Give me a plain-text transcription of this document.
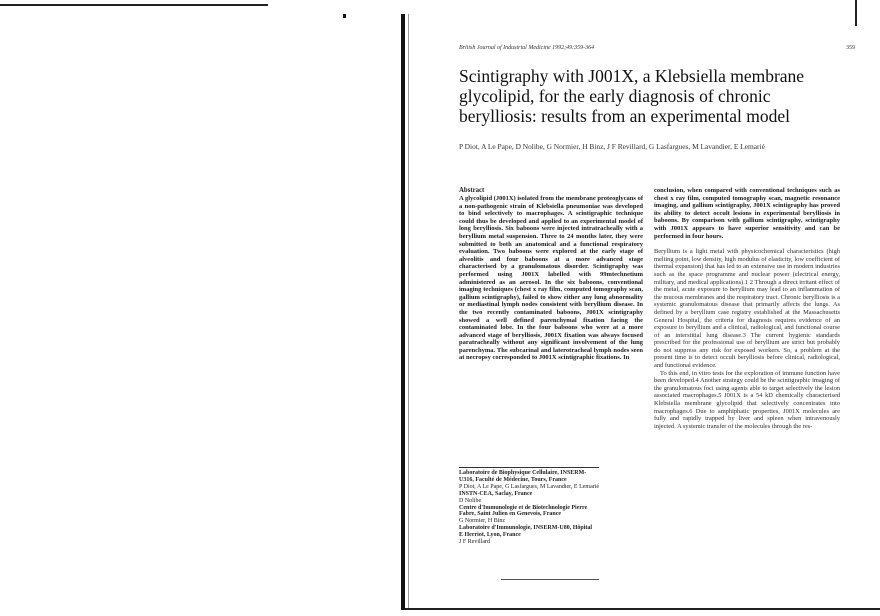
British Journal of Industrial Medicine 1992;49:359-364	359
Scintigraphy with J001X, a Klebsiella membrane glycolipid, for the early diagnosis of chronic berylliosis: results from an experimental model
P Diot, A Le Pape, D Nolibe, G Normier, H Binz, J F Revillard, G Lasfargues, M Lavandier, E Lemarié

Abstract

A glycolipid (J001X) isolated from the membrane proteoglycans of a non-pathogenic strain of Klebsiella pneumoniae was developed to bind selectively to macrophages. A scintigraphic technique could thus be developed and applied to an experimental model of long berylliosis. Six baboons were injected intratracheally with a beryllium metal suspension. Three to 24 months later, they were submitted to both an anatomical and a functional respiratory evaluation. Two baboons were explored at the early stage of alveolitis and four baboons at a more advanced stage characterised by a granulomatous disorder. Scintigraphy was performed using J001X labelled with 99mtechnetium administered as an aerosol. In the six baboons, conventional imaging techniques (chest x ray film, computed tomography scan, gallium scintigraphy), failed to show either any lung abnormality or mediastinal lymph nodes consistent with beryllium disease. In the two recently contaminated baboons, J001X scintigraphy showed a well defined parenchymal fixation facing the contaminated lobe. In the four baboons who were at a more advanced stage of berylliosis, J001X fixation was always focused paratracheally without any significant involvement of the lung parenchyma. The subcarinal and laterotracheal lymph nodes seen at necropsy corresponded to J001X scintigraphic fixations. In

Laboratoire de Biophysique Cellulaire, INSERM-
U316, Faculté de Médecine, Tours, France
P Diot, A Le Pape, G Lasfargues, M Lavandier, E Lemarié
INSTN-CEA, Saclay, France
D Nolibe
Centre d'Immunologie et de Biotechnologie Pierre
Fabre, Saint Julien en Genevois, France
G Normier, H Binz
Laboratoire d'Immunologie, INSERM-U80, Hôpital
E Herriot, Lyon, France
J F Revillard

conclusion, when compared with conventional techniques such as chest x ray film, computed tomography scan, magnetic resonance imaging, and gallium scintigraphy, J001X scintigraphy has proved its ability to detect occult lesions in experimental berylliosis in baboons. By comparison with gallium scintigraphy, scintigraphy with J001X appears to have superior sensitivity and can be performed in four hours.

Beryllium is a light metal with physicochemical characteristics (high melting point, low density, high modulus of elasticity, low coefficient of thermal expansion) that has led to an extensive use in modern industries such as the space programme and nuclear power (electrical energy, military, and medical applications).1 2 Through a direct irritant effect of the metal, acute exposure to beryllium may lead to an inflammation of the mucous membranes and the respiratory tract. Chronic berylliosis is a systemic granulomatous disease that primarily affects the lungs. As defined by a beryllium case registry established at the Massachusetts General Hospital, the criteria for diagnosis requires evidence of an exposure to beryllium and a clinical, radiological, and functional course of an interstitial lung disease.3 The current hygienic standards prescribed for the professional use of beryllium are strict but probably do not suppress any risk for exposed workers. So, a problem at the present time is to detect occult berylliosis before clinical, radiological, and functional evidence.

To this end, in vitro tests for the exploration of immune function have been developed.4 Another strategy could be the scintigraphic imaging of the granulomatous foci using agents able to target selectively the lesion associated macrophages.5 J001X is a 54 kD chemically characterised Klebsiella membrane glycolipid that selectively concentrates into macrophages.6 Due to amphiphatic properties, J001X molecules are fully and rapidly trapped by liver and spleen when intravenously injected. A systemic transfer of the molecules through the res-
